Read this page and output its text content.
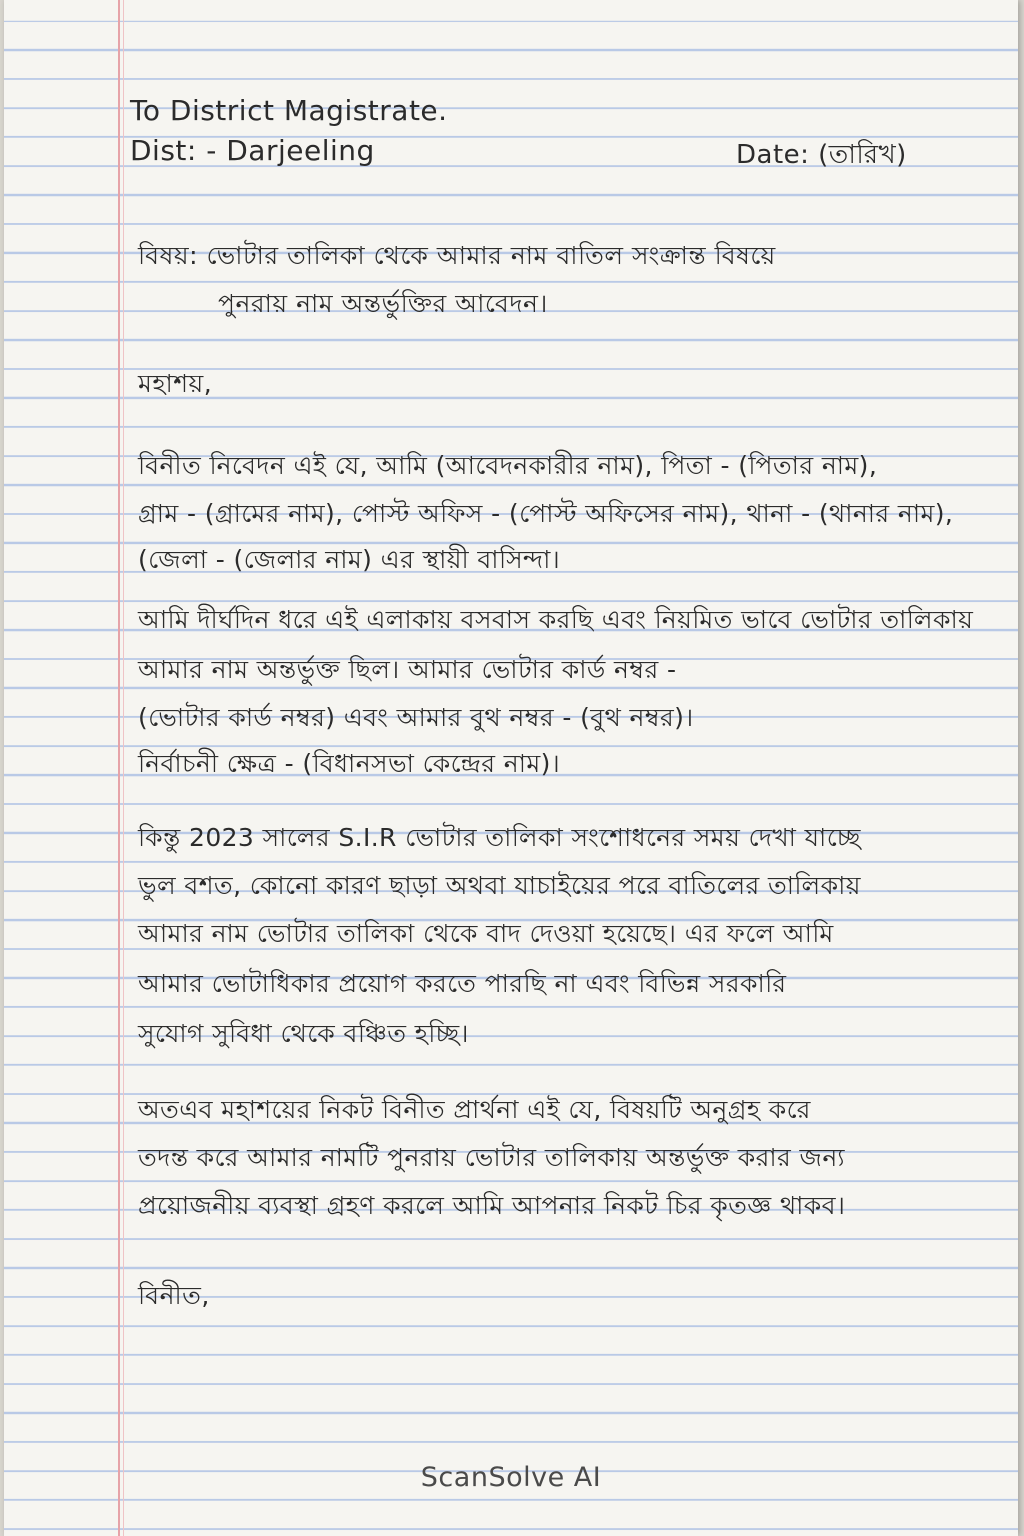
To District Magistrate.
Dist: - Darjeeling	Date: (তারিখ)
বিষয়: ভোটার তালিকা থেকে আমার নাম বাতিল সংক্রান্ত বিষয়ে
পুনরায় নাম অন্তর্ভুক্তির আবেদন।
মহাশয়,
বিনীত নিবেদন এই যে, আমি (আবেদনকারীর নাম), পিতা - (পিতার নাম),
গ্রাম - (গ্রামের নাম), পোস্ট অফিস - (পোস্ট অফিসের নাম), থানা - (থানার নাম),
(জেলা - (জেলার নাম) এর স্থায়ী বাসিন্দা।
আমি দীর্ঘদিন ধরে এই এলাকায় বসবাস করছি এবং নিয়মিত ভাবে ভোটার তালিকায়
আমার নাম অন্তর্ভুক্ত ছিল। আমার ভোটার কার্ড নম্বর -
(ভোটার কার্ড নম্বর) এবং আমার বুথ নম্বর - (বুথ নম্বর)।
নির্বাচনী ক্ষেত্র - (বিধানসভা কেন্দ্রের নাম)।
কিন্তু 2023 সালের S.I.R ভোটার তালিকা সংশোধনের সময় দেখা যাচ্ছে
ভুল বশত, কোনো কারণ ছাড়া অথবা যাচাইয়ের পরে বাতিলের তালিকায়
আমার নাম ভোটার তালিকা থেকে বাদ দেওয়া হয়েছে। এর ফলে আমি
আমার ভোটাধিকার প্রয়োগ করতে পারছি না এবং বিভিন্ন সরকারি
সুযোগ সুবিধা থেকে বঞ্চিত হচ্ছি।
অতএব মহাশয়ের নিকট বিনীত প্রার্থনা এই যে, বিষয়টি অনুগ্রহ করে
তদন্ত করে আমার নামটি পুনরায় ভোটার তালিকায় অন্তর্ভুক্ত করার জন্য
প্রয়োজনীয় ব্যবস্থা গ্রহণ করলে আমি আপনার নিকট চির কৃতজ্ঞ থাকব।
বিনীত,
ScanSolve AI
